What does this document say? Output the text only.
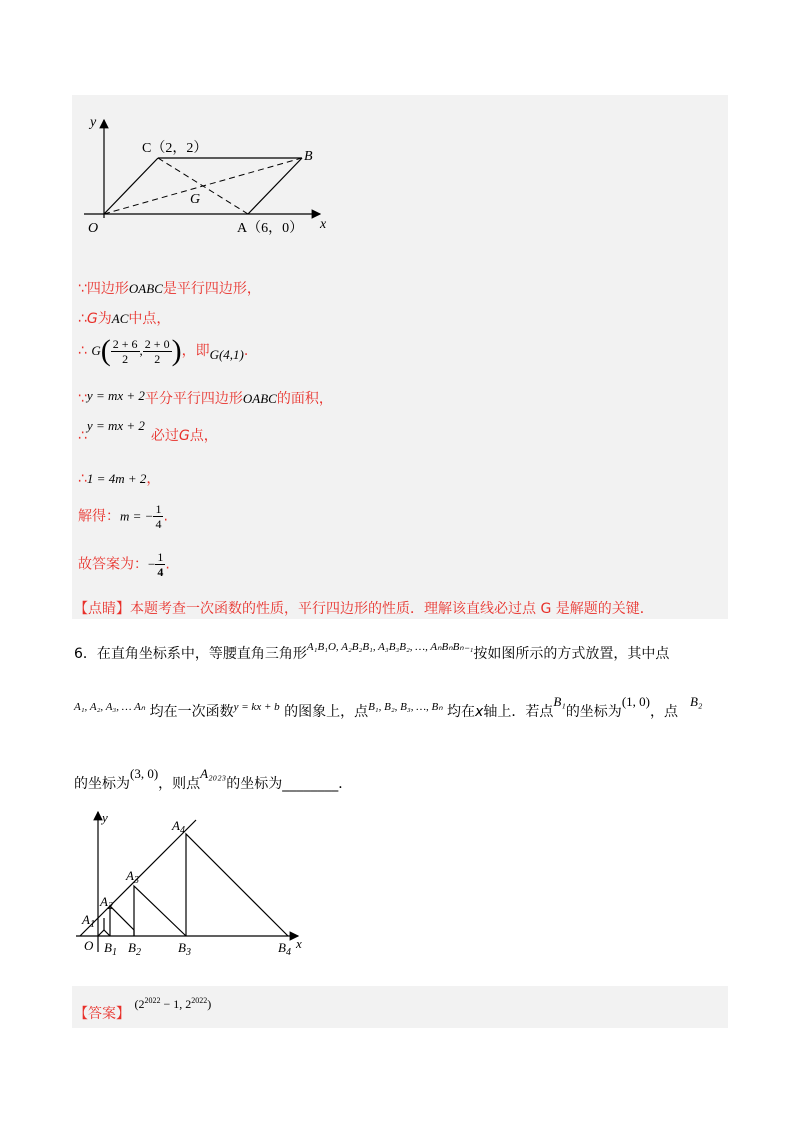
y
x
O
C（2，2）
B
G
A（6，0）
∵四边形OABC是平行四边形，
∴G为AC中点，
∴ $G( \frac{2 + 6}{2}$ , $\frac{2 + 0}{2}$ )，即G(4,1).
∵y = mx + 2平分平行四边形OABC的面积，
∴y = mx + 2必过G点，
∴1 = 4m + 2，
解得：m = − $\frac{1}{4}$ .
故答案为：− $\frac{1}{4}$ .
【点睛】本题考查一次函数的性质，平行四边形的性质．理解该直线必过点 G 是解题的关键．
6．在直角坐标系中，等腰直角三角形$^{A_1B_1O, A_2B_2B_1, A_3B_3B_2, \dots, A_nB_nB_{n-1}}$按如图所示的方式放置，其中点
$^{A_1, A_2, A_3, \dots A_n}$ 均在一次函数$^{y = kx + b}$ 的图象上，点$^{B_1, B_2, B_3, \dots, B_n}$ 均在x轴上．若点B₁的坐标为(1, 0)，点B₂
的坐标为(3, 0)，则点A₂₀₂₃的坐标为________．
y
x
O
$A_1$
$A_2$
$A_3$
$A_4$
$B_1$ $B_2$	$B_3$	$B_4$
【答案】 ($2^{2022} - 1$, $2^{2022}$)
